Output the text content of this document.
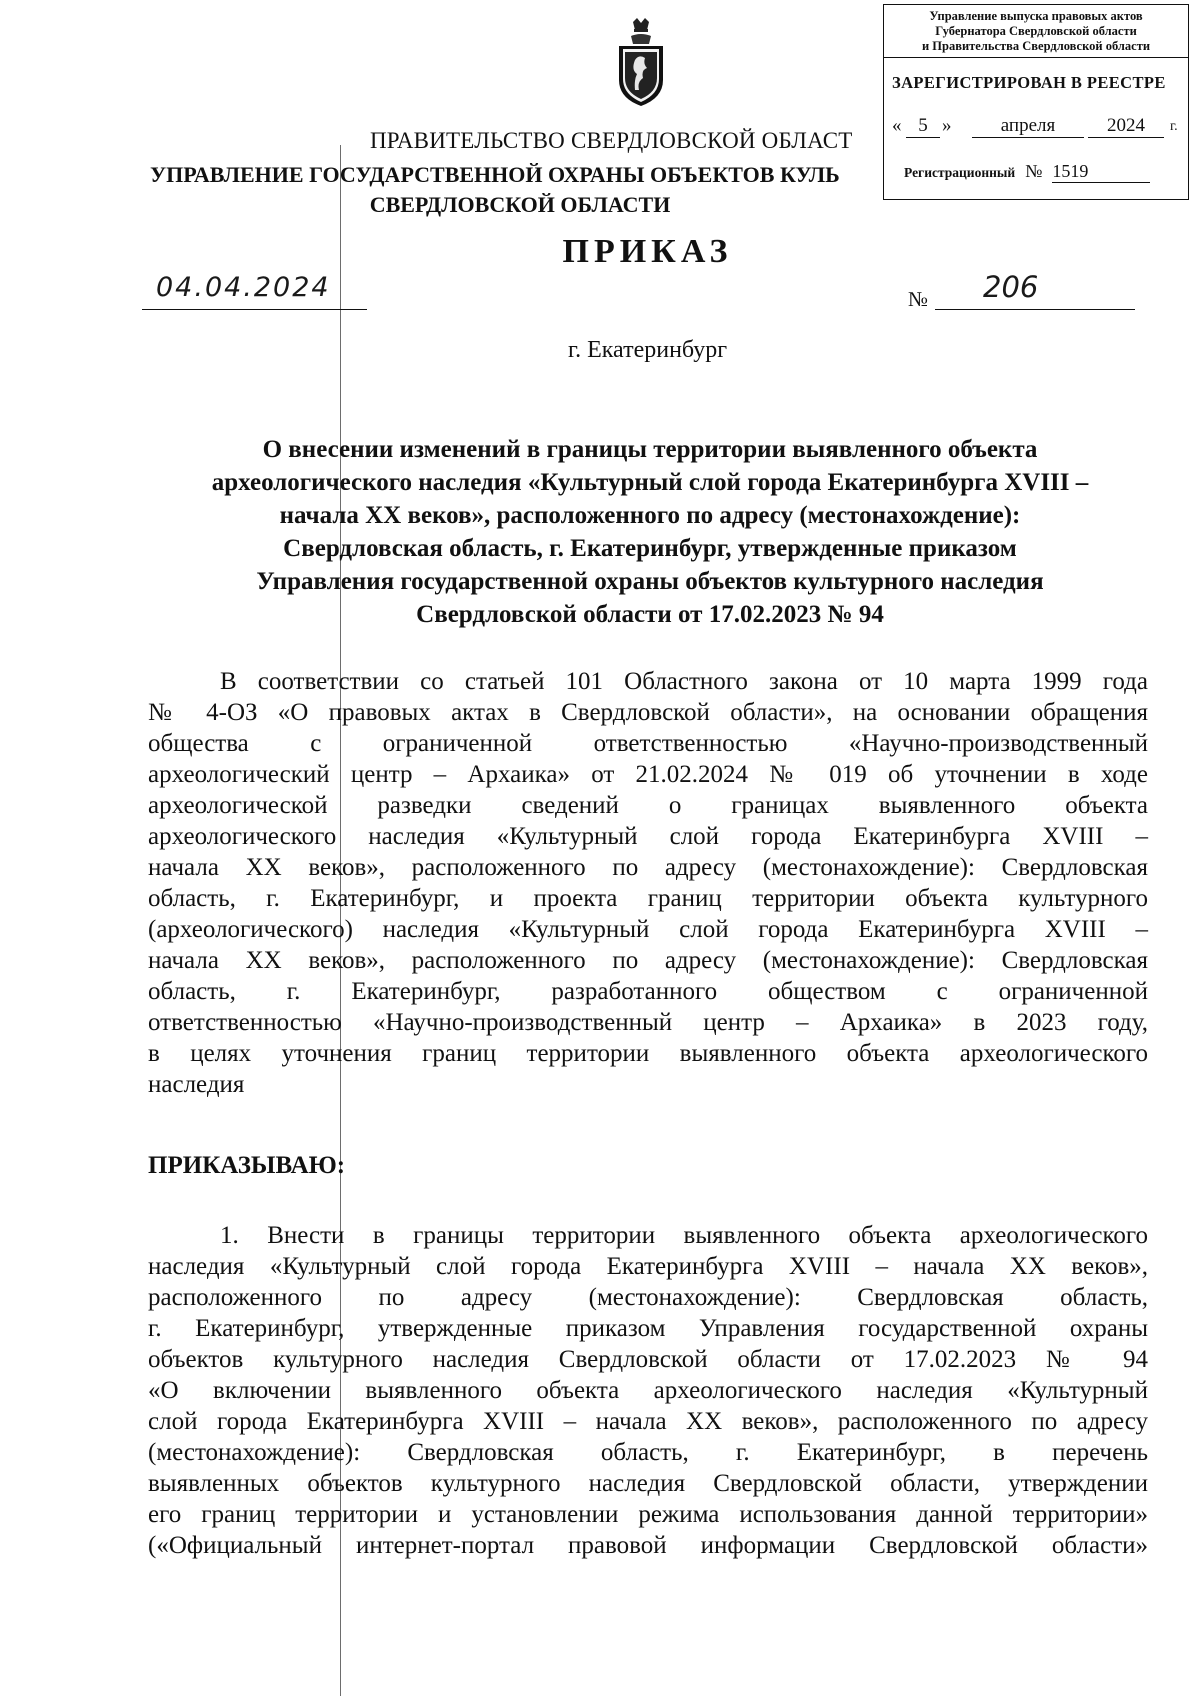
ПРАВИТЕЛЬСТВО СВЕРДЛОВСКОЙ ОБЛАСТ
УПРАВЛЕНИЕ ГОСУДАРСТВЕННОЙ ОХРАНЫ ОБЪЕКТОВ КУЛЬ
СВЕРДЛОВСКОЙ ОБЛАСТИ
ПРИКАЗ
Управление выпуска правовых актов
Губернатора Свердловской области
и Правительства Свердловской области
ЗАРЕГИСТРИРОВАН В РЕЕСТРЕ
« 5 »	апреля	2024	г.
Регистрационный № 1519
04.04.2024	№	206
г. Екатеринбург
О внесении изменений в границы территории выявленного объекта
археологического наследия «Культурный слой города Екатеринбурга XVIII –
начала XX веков», расположенного по адресу (местонахождение):
Свердловская область, г. Екатеринбург, утвержденные приказом
Управления государственной охраны объектов культурного наследия
Свердловской области от 17.02.2023 № 94
В соответствии со статьей 101 Областного закона от 10 марта 1999 года
№ 4-ОЗ «О правовых актах в Свердловской области», на основании обращения
общества с ограниченной ответственностью «Научно-производственный
археологический центр – Архаика» от 21.02.2024 № 019 об уточнении в ходе
археологической разведки сведений о границах выявленного объекта
археологического наследия «Культурный слой города Екатеринбурга XVIII –
начала XX веков», расположенного по адресу (местонахождение): Свердловская
область, г. Екатеринбург, и проекта границ территории объекта культурного
(археологического) наследия «Культурный слой города Екатеринбурга XVIII –
начала XX веков», расположенного по адресу (местонахождение): Свердловская
область, г. Екатеринбург, разработанного обществом с ограниченной
ответственностью «Научно-производственный центр – Архаика» в 2023 году,
в целях уточнения границ территории выявленного объекта археологического
наследия
ПРИКАЗЫВАЮ:
1. Внести в границы территории выявленного объекта археологического
наследия «Культурный слой города Екатеринбурга XVIII – начала XX веков»,
расположенного по адресу (местонахождение): Свердловская область,
г. Екатеринбург, утвержденные приказом Управления государственной охраны
объектов культурного наследия Свердловской области от 17.02.2023 № 94
«О включении выявленного объекта археологического наследия «Культурный
слой города Екатеринбурга XVIII – начала XX веков», расположенного по адресу
(местонахождение): Свердловская область, г. Екатеринбург, в перечень
выявленных объектов культурного наследия Свердловской области, утверждении
его границ территории и установлении режима использования данной территории»
(«Официальный интернет-портал правовой информации Свердловской области»
